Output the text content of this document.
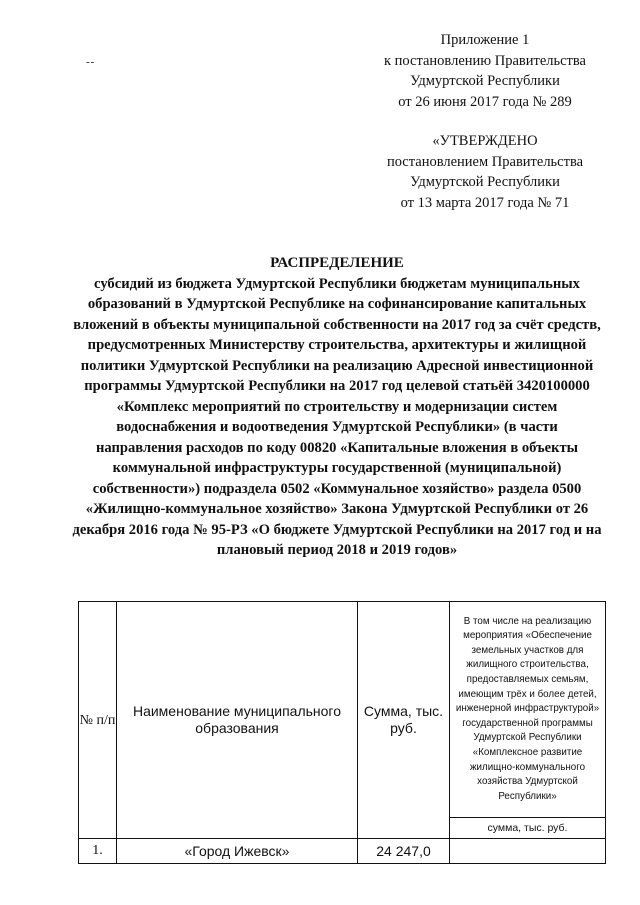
--
Приложение 1
к постановлению Правительства
Удмуртской Республики
от 26 июня 2017 года № 289
«УТВЕРЖДЕНО
постановлением Правительства
Удмуртской Республики
от 13 марта 2017 года № 71
РАСПРЕДЕЛЕНИЕ
субсидий из бюджета Удмуртской Республики бюджетам муниципальных образований в Удмуртской Республике на софинансирование капитальных вложений в объекты муниципальной собственности на 2017 год за счёт средств, предусмотренных Министерству строительства, архитектуры и жилищной политики Удмуртской Республики на реализацию Адресной инвестиционной программы Удмуртской Республики на 2017 год целевой статьёй 3420100000 «Комплекс мероприятий по строительству и модернизации систем водоснабжения и водоотведения Удмуртской Республики» (в части направления расходов по коду 00820 «Капитальные вложения в объекты коммунальной инфраструктуры государственной (муниципальной) собственности») подраздела 0502 «Коммунальное хозяйство» раздела 0500 «Жилищно-коммунальное хозяйство» Закона Удмуртской Республики от 26 декабря 2016 года № 95-РЗ «О бюджете Удмуртской Республики на 2017 год и на плановый период 2018 и 2019 годов»
№ п/п	Наименование муниципального образования	Сумма, тыс. руб.	В том числе на реализацию мероприятия «Обеспечение земельных участков для жилищного строительства, предоставляемых семьям, имеющим трёх и более детей, инженерной инфраструктурой» государственной программы Удмуртской Республики «Комплексное развитие жилищно-коммунального хозяйства Удмуртской Республики»
			сумма, тыс. руб.
1.	«Город Ижевск»	24 247,0	
